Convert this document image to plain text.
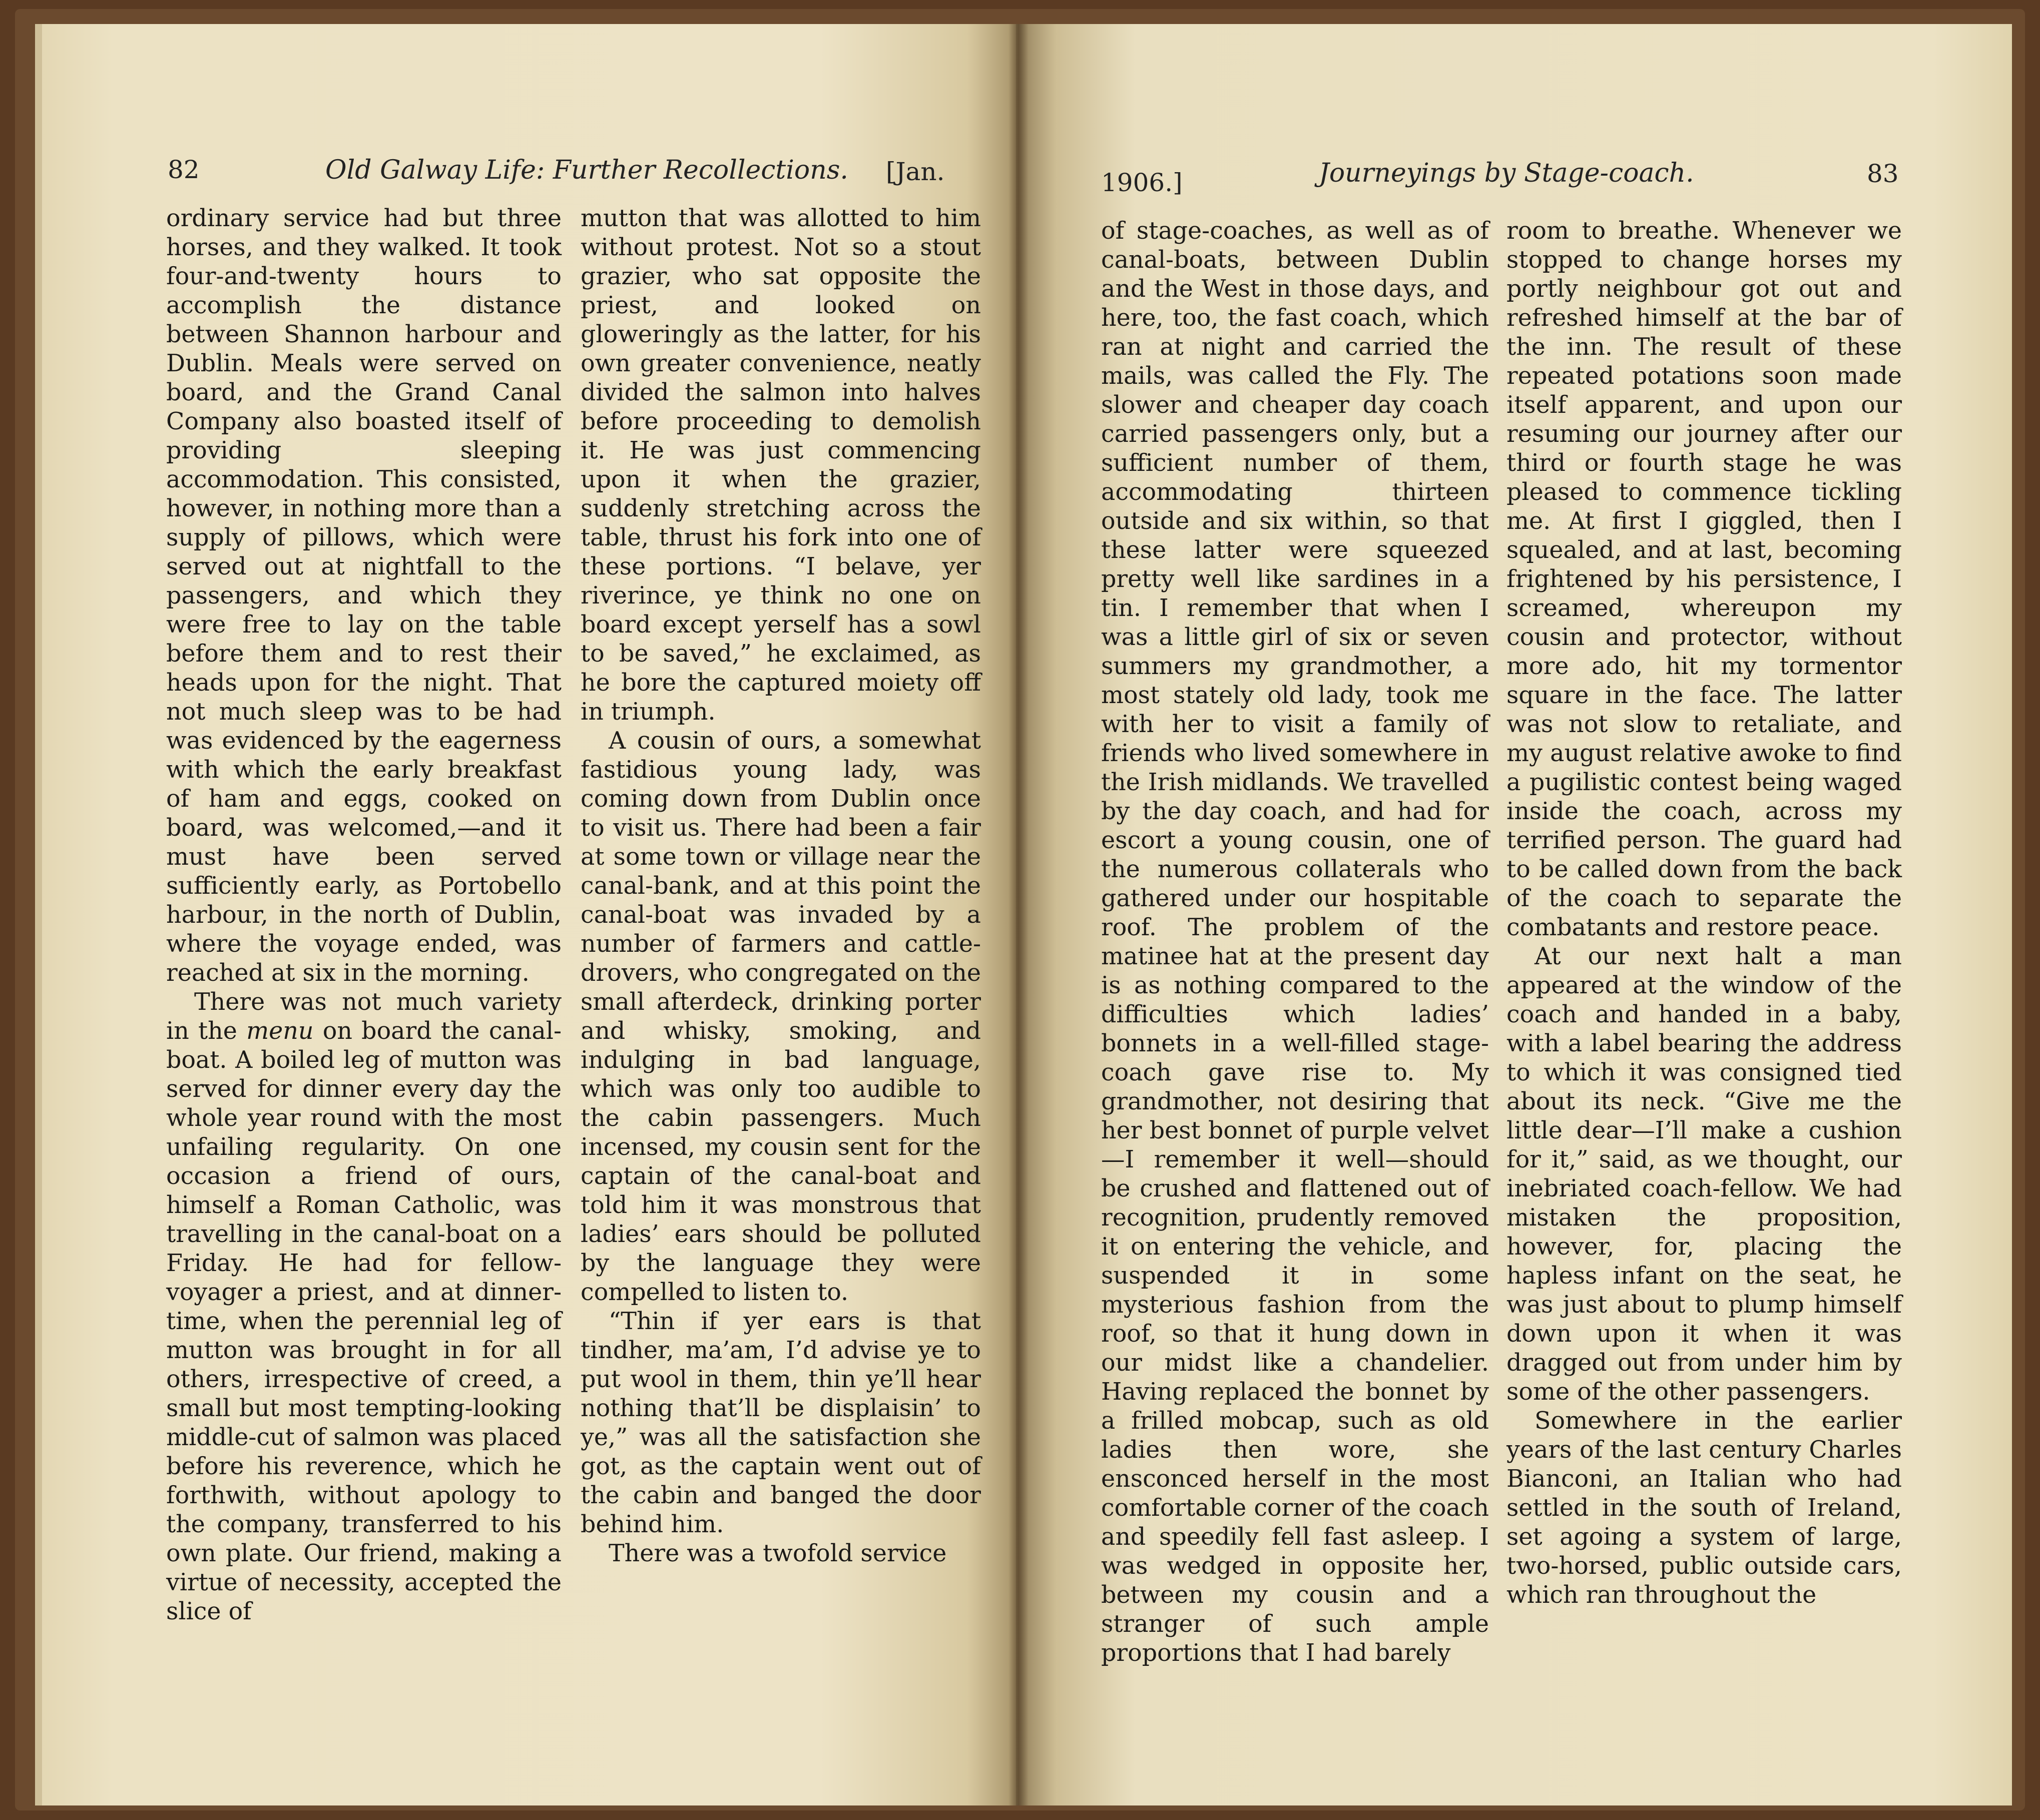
82	Old Galway Life: Further Recollections. [Jan.

ordinary service had but three horses, and they walked. It took four-and-twenty hours to accomplish the distance between Shannon harbour and Dublin. Meals were served on board, and the Grand Canal Company also boasted itself of providing sleeping accommodation. This consisted, however, in nothing more than a supply of pillows, which were served out at nightfall to the passengers, and which they were free to lay on the table before them and to rest their heads upon for the night. That not much sleep was to be had was evidenced by the eagerness with which the early breakfast of ham and eggs, cooked on board, was welcomed,—and it must have been served sufficiently early, as Portobello harbour, in the north of Dublin, where the voyage ended, was reached at six in the morning.

There was not much variety in the menu on board the canal-boat. A boiled leg of mutton was served for dinner every day the whole year round with the most unfailing regularity. On one occasion a friend of ours, himself a Roman Catholic, was travelling in the canal-boat on a Friday. He had for fellow-voyager a priest, and at dinner-time, when the perennial leg of mutton was brought in for all others, irrespective of creed, a small but most tempting-looking middle-cut of salmon was placed before his reverence, which he forthwith, without apology to the company, transferred to his own plate. Our friend, making a virtue of necessity, accepted the slice of

mutton that was allotted to him without protest. Not so a stout grazier, who sat opposite the priest, and looked on gloweringly as the latter, for his own greater convenience, neatly divided the salmon into halves before proceeding to demolish it. He was just commencing upon it when the grazier, suddenly stretching across the table, thrust his fork into one of these portions. “I belave, yer riverince, ye think no one on board except yerself has a sowl to be saved,” he exclaimed, as he bore the captured moiety off in triumph.

A cousin of ours, a somewhat fastidious young lady, was coming down from Dublin once to visit us. There had been a fair at some town or village near the canal-bank, and at this point the canal-boat was invaded by a number of farmers and cattle-drovers, who congregated on the small afterdeck, drinking porter and whisky, smoking, and indulging in bad language, which was only too audible to the cabin passengers. Much incensed, my cousin sent for the captain of the canal-boat and told him it was monstrous that ladies’ ears should be polluted by the language they were compelled to listen to.

“Thin if yer ears is that tindher, ma’am, I’d advise ye to put wool in them, thin ye’ll hear nothing that’ll be displaisin’ to ye,” was all the satisfaction she got, as the captain went out of the cabin and banged the door behind him.

There was a twofold service

1906.]	Journeyings by Stage-coach.	83

of stage-coaches, as well as of canal-boats, between Dublin and the West in those days, and here, too, the fast coach, which ran at night and carried the mails, was called the Fly. The slower and cheaper day coach carried passengers only, but a sufficient number of them, accommodating thirteen outside and six within, so that these latter were squeezed pretty well like sardines in a tin. I remember that when I was a little girl of six or seven summers my grandmother, a most stately old lady, took me with her to visit a family of friends who lived somewhere in the Irish midlands. We travelled by the day coach, and had for escort a young cousin, one of the numerous collaterals who gathered under our hospitable roof. The problem of the matinee hat at the present day is as nothing compared to the difficulties which ladies’ bonnets in a well-filled stage-coach gave rise to. My grandmother, not desiring that her best bonnet of purple velvet—I remember it well—should be crushed and flattened out of recognition, prudently removed it on entering the vehicle, and suspended it in some mysterious fashion from the roof, so that it hung down in our midst like a chandelier. Having replaced the bonnet by a frilled mobcap, such as old ladies then wore, she ensconced herself in the most comfortable corner of the coach and speedily fell fast asleep. I was wedged in opposite her, between my cousin and a stranger of such ample proportions that I had barely

room to breathe. Whenever we stopped to change horses my portly neighbour got out and refreshed himself at the bar of the inn. The result of these repeated potations soon made itself apparent, and upon our resuming our journey after our third or fourth stage he was pleased to commence tickling me. At first I giggled, then I squealed, and at last, becoming frightened by his persistence, I screamed, whereupon my cousin and protector, without more ado, hit my tormentor square in the face. The latter was not slow to retaliate, and my august relative awoke to find a pugilistic contest being waged inside the coach, across my terrified person. The guard had to be called down from the back of the coach to separate the combatants and restore peace.

At our next halt a man appeared at the window of the coach and handed in a baby, with a label bearing the address to which it was consigned tied about its neck. “Give me the little dear—I’ll make a cushion for it,” said, as we thought, our inebriated coach-fellow. We had mistaken the proposition, however, for, placing the hapless infant on the seat, he was just about to plump himself down upon it when it was dragged out from under him by some of the other passengers.

Somewhere in the earlier years of the last century Charles Bianconi, an Italian who had settled in the south of Ireland, set agoing a system of large, two-horsed, public outside cars, which ran throughout the
